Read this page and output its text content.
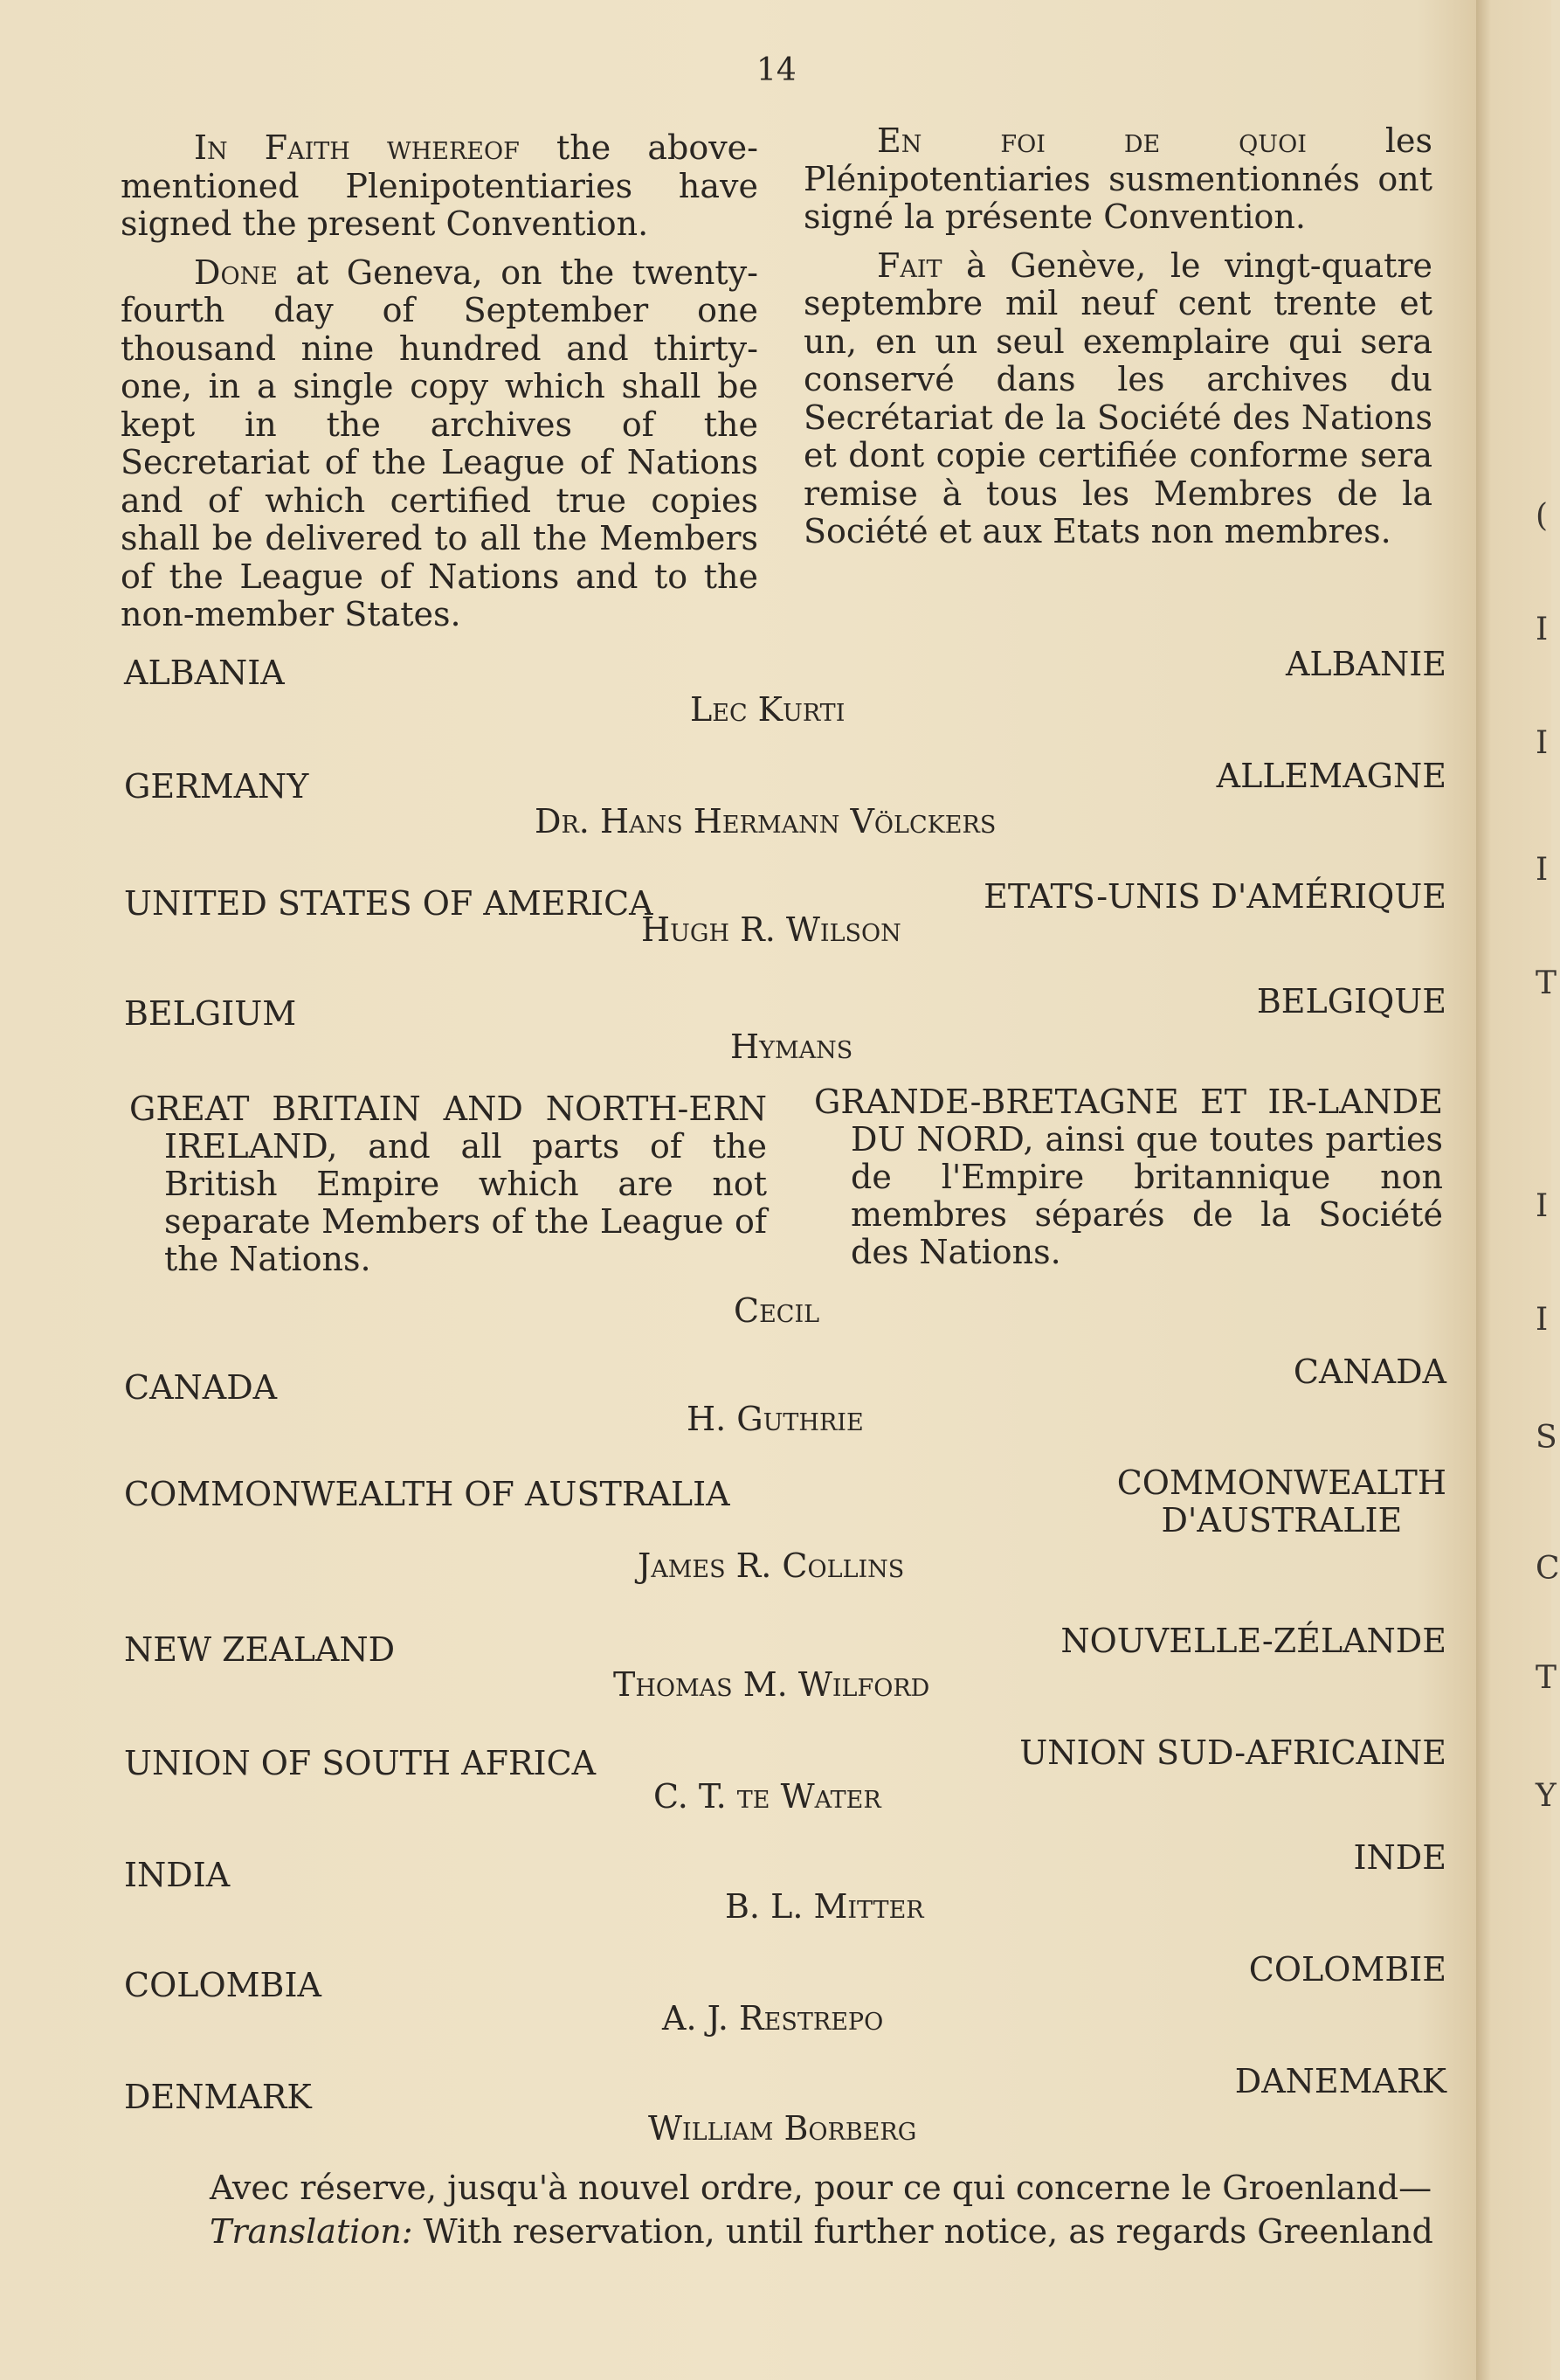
(
I
I
I
T
I
I
S
C
T
Y
14

In Faith whereof the above-mentioned Plenipotentiaries have signed the present Convention.

Done at Geneva, on the twenty-fourth day of September one thousand nine hundred and thirty-one, in a single copy which shall be kept in the archives of the Secretariat of the League of Nations and of which certified true copies shall be delivered to all the Members of the League of Nations and to the non-member States.

En foi de quoi les Plénipotentiaries susmentionnés ont signé la présente Convention.

Fait à Genève, le vingt-quatre septembre mil neuf cent trente et un, en un seul exemplaire qui sera conservé dans les archives du Secrétariat de la Société des Nations et dont copie certifiée conforme sera remise à tous les Membres de la Société et aux Etats non membres.

ALBANIA	ALBANIE
Lec Kurti
GERMANY	ALLEMAGNE
Dr. Hans Hermann Völckers
UNITED STATES OF AMERICA	ETATS-UNIS D'AMÉRIQUE
Hugh R. Wilson
BELGIUM	BELGIQUE
Hymans

GREAT BRITAIN AND NORTH-ERN IRELAND, and all parts of the British Empire which are not separate Members of the League of the Nations.

GRANDE-BRETAGNE ET IR-LANDE DU NORD, ainsi que toutes parties de l'Empire britannique non membres séparés de la Société des Nations.

Cecil
CANADA	CANADA
H. Guthrie
COMMONWEALTH OF AUSTRALIA	COMMONWEALTH
D'AUSTRALIE
James R. Collins
NEW ZEALAND	NOUVELLE-ZÉLANDE
Thomas M. Wilford
UNION OF SOUTH AFRICA	UNION SUD-AFRICAINE
C. T. te Water
INDIA	INDE
B. L. Mitter
COLOMBIA	COLOMBIE
A. J. Restrepo
DENMARK	DANEMARK
William Borberg
Avec réserve, jusqu'à nouvel ordre, pour ce qui concerne le Groenland—
Translation: With reservation, until further notice, as regards Greenland
